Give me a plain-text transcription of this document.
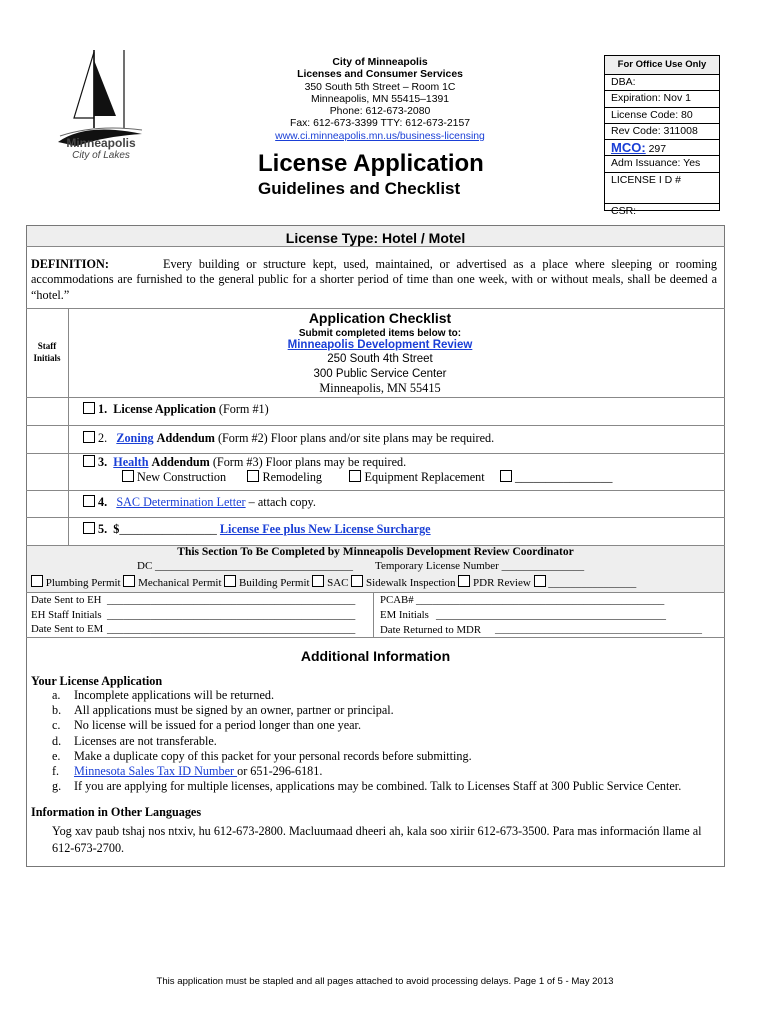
Minneapolis
City of Lakes
City of Minneapolis
Licenses and Consumer Services
350 South 5th Street – Room 1C
Minneapolis, MN 55415–1391
Phone: 612-673-2080
Fax: 612-673-3399 TTY: 612-673-2157
www.ci.minneapolis.mn.us/business-licensing
License Application
Guidelines and Checklist
For Office Use Only
DBA:
Expiration: Nov 1
License Code: 80
Rev Code: 311008
MCO: 297
Adm Issuance: Yes
LICENSE I D #
CSR:
License Type: Hotel / Motel
DEFINITION:	Every building or structure kept, used, maintained, or advertised as a place where sleeping or rooming accommodations are furnished to the general public for a shorter period of time than one week, with or without meals, shall be deemed a “hotel.”
Staff Initials
Application Checklist
Submit completed items below to:
Minneapolis Development Review
250 South 4th Street
300 Public Service Center
Minneapolis, MN 55415
1. License Application (Form #1)
2. Zoning Addendum (Form #2) Floor plans and/or site plans may be required.
3. Health Addendum (Form #3) Floor plans may be required.
New Construction	Remodeling	Equipment Replacement ________________
4. SAC Determination Letter – attach copy.
5. $________________ License Fee plus New License Surcharge
This Section To Be Completed by Minneapolis Development Review Coordinator
DC ____________________________________ Temporary License Number _______________
Plumbing Permit Mechanical Permit Building Permit SAC Sidewalk Inspection PDR Review ________________
Date Sent to EH ______________________________________________
EH Staff Initials ______________________________________________
Date Sent to EM ______________________________________________
PCAB# ______________________________________________
EM Initials ______________________________________________
Date Returned to MDR ______________________________________________
Additional Information
Your License Application
a. Incomplete applications will be returned.
b. All applications must be signed by an owner, partner or principal.
c. No license will be issued for a period longer than one year.
d. Licenses are not transferable.
e. Make a duplicate copy of this packet for your personal records before submitting.
f. Minnesota Sales Tax ID Number or 651-296-6181.
g. If you are applying for multiple licenses, applications may be combined. Talk to Licenses Staff at 300 Public Service Center.
Information in Other Languages
Yog xav paub tshaj nos ntxiv, hu 612-673-2800. Macluumaad dheeri ah, kala soo xiriir 612-673-3500. Para mas información llame al 612-673-2700.
This application must be stapled and all pages attached to avoid processing delays. Page 1 of 5 - May 2013
